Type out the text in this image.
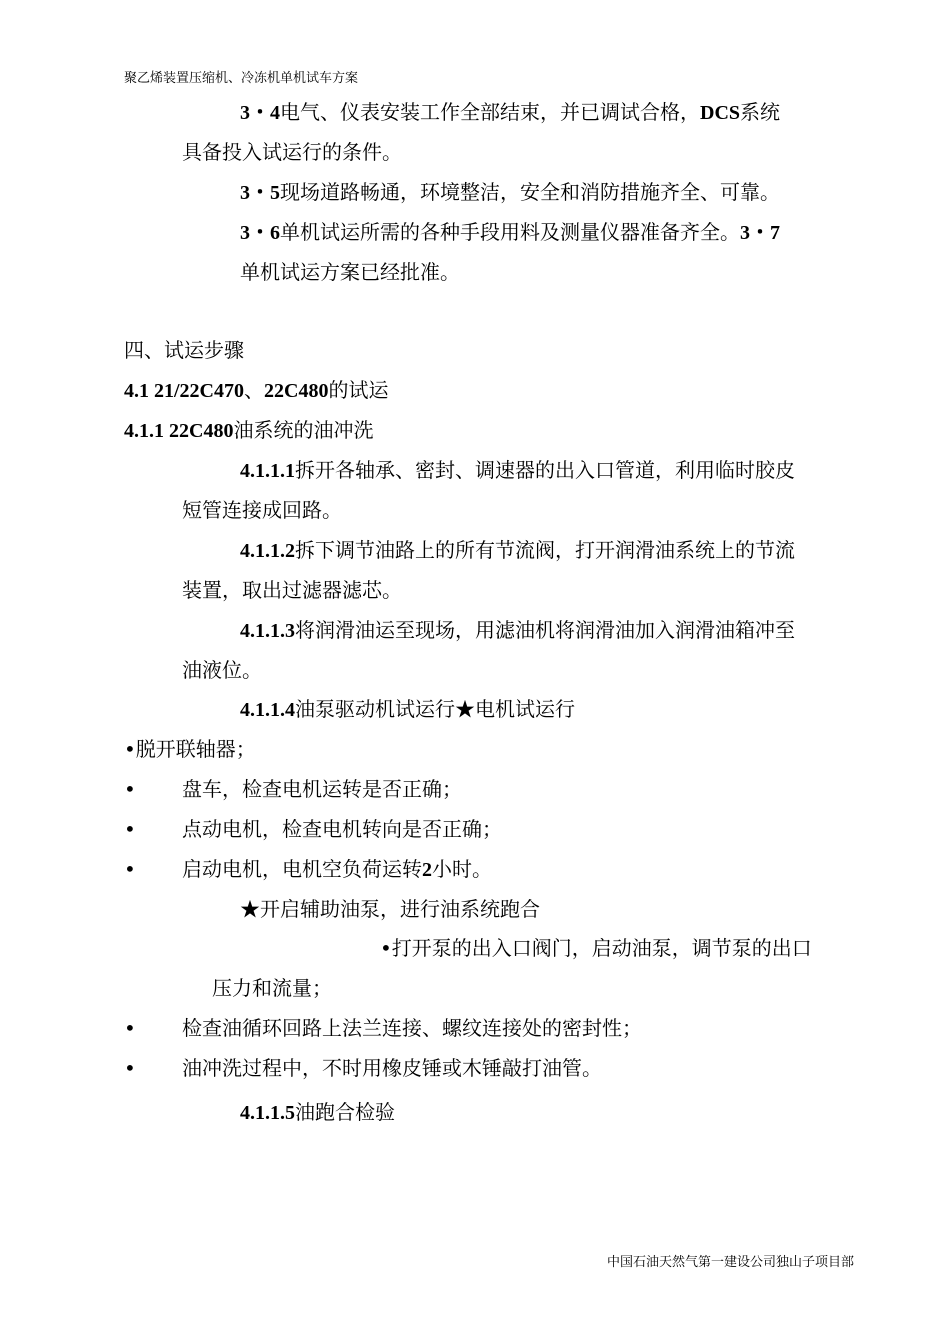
聚乙烯装置压缩机、冷冻机单机试车方案
3・4电气、仪表安装工作全部结束，并已调试合格，DCS系统
具备投入试运行的条件。
3・5现场道路畅通，环境整洁，安全和消防措施齐全、可靠。
3・6单机试运所需的各种手段用料及测量仪器准备齐全。3・7
单机试运方案已经批准。
四、试运步骤
4.1 21/22C470、22C480的试运
4.1.1 22C480油系统的油冲洗
4.1.1.1拆开各轴承、密封、调速器的出入口管道，利用临时胶皮
短管连接成回路。
4.1.1.2拆下调节油路上的所有节流阀，打开润滑油系统上的节流
装置，取出过滤器滤芯。
4.1.1.3将润滑油运至现场，用滤油机将润滑油加入润滑油箱冲至
油液位。
4.1.1.4油泵驱动机试运行★电机试运行
•脱开联轴器；
• 盘车，检查电机运转是否正确；
• 点动电机，检查电机转向是否正确；
• 启动电机，电机空负荷运转2小时。
★开启辅助油泵，进行油系统跑合
•打开泵的出入口阀门，启动油泵，调节泵的出口
压力和流量；
• 检查油循环回路上法兰连接、螺纹连接处的密封性；
• 油冲洗过程中，不时用橡皮锤或木锤敲打油管。
4.1.1.5油跑合检验
中国石油天然气第一建设公司独山子项目部
